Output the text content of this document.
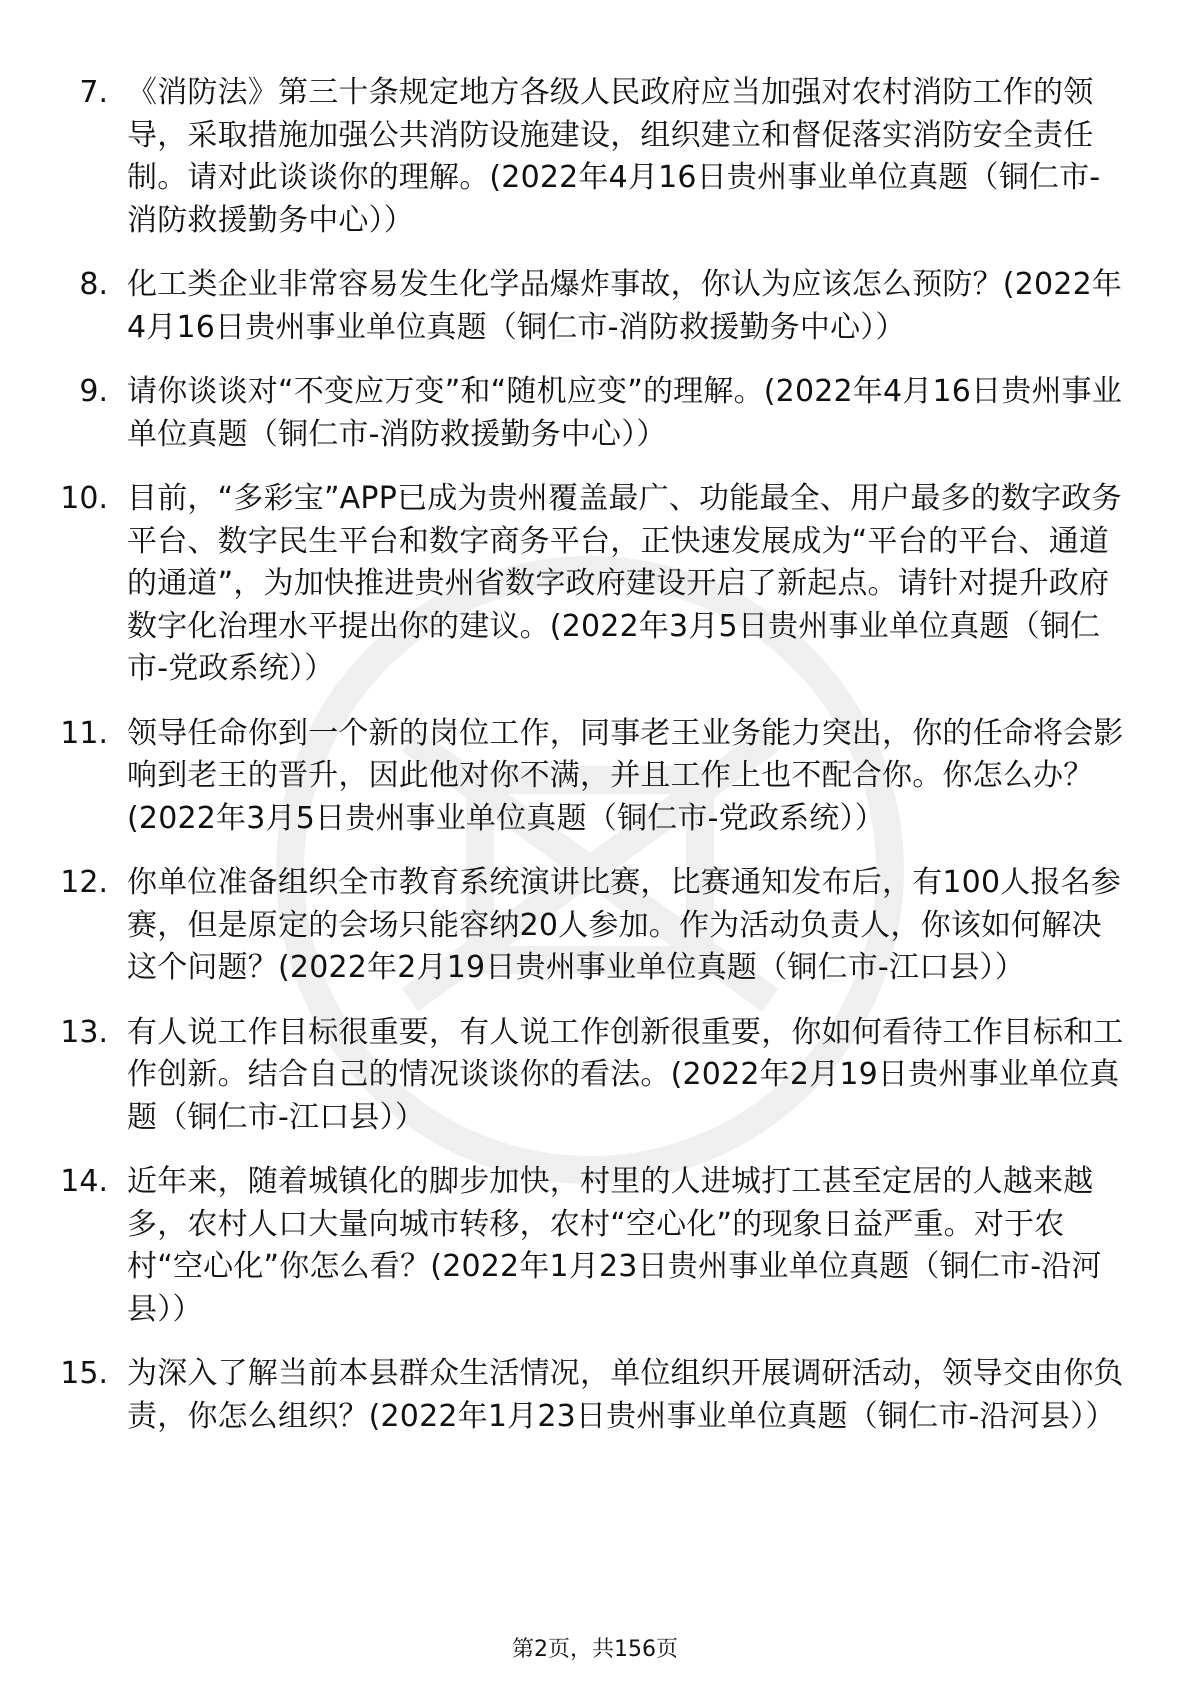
7. 《消防法》第三十条规定地方各级人民政府应当加强对农村消防工作的领导，采取措施加强公共消防设施建设，组织建立和督促落实消防安全责任制。请对此谈谈你的理解。(2022年4月16日贵州事业单位真题（铜仁市-消防救援勤务中心））
8. 化工类企业非常容易发生化学品爆炸事故，你认为应该怎么预防？(2022年4月16日贵州事业单位真题（铜仁市-消防救援勤务中心））
9. 请你谈谈对“不变应万变”和“随机应变”的理解。(2022年4月16日贵州事业单位真题（铜仁市-消防救援勤务中心））
10. 目前，“多彩宝”APP已成为贵州覆盖最广、功能最全、用户最多的数字政务平台、数字民生平台和数字商务平台，正快速发展成为“平台的平台、通道的通道”，为加快推进贵州省数字政府建设开启了新起点。请针对提升政府数字化治理水平提出你的建议。(2022年3月5日贵州事业单位真题（铜仁市-党政系统））
11. 领导任命你到一个新的岗位工作，同事老王业务能力突出，你的任命将会影响到老王的晋升，因此他对你不满，并且工作上也不配合你。你怎么办？(2022年3月5日贵州事业单位真题（铜仁市-党政系统））
12. 你单位准备组织全市教育系统演讲比赛，比赛通知发布后，有100人报名参赛，但是原定的会场只能容纳20人参加。作为活动负责人，你该如何解决这个问题？(2022年2月19日贵州事业单位真题（铜仁市-江口县））
13. 有人说工作目标很重要，有人说工作创新很重要，你如何看待工作目标和工作创新。结合自己的情况谈谈你的看法。(2022年2月19日贵州事业单位真题（铜仁市-江口县））
14. 近年来，随着城镇化的脚步加快，村里的人进城打工甚至定居的人越来越多，农村人口大量向城市转移，农村“空心化”的现象日益严重。对于农村“空心化”你怎么看？(2022年1月23日贵州事业单位真题（铜仁市-沿河县））
15. 为深入了解当前本县群众生活情况，单位组织开展调研活动，领导交由你负责，你怎么组织？(2022年1月23日贵州事业单位真题（铜仁市-沿河县））
第2页，共156页
